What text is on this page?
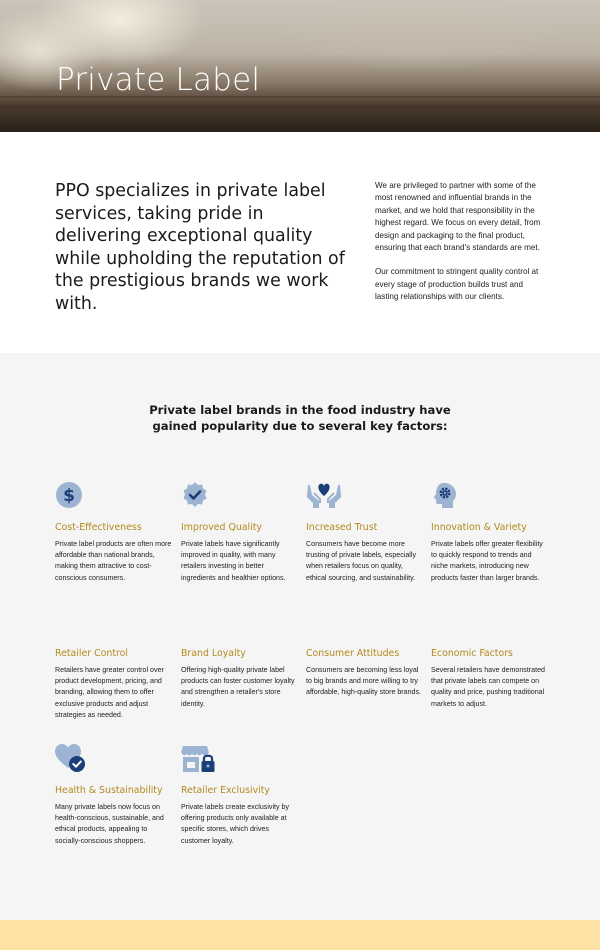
Private Label

PPO specializes in private label services, taking pride in delivering exceptional quality while upholding the reputation of the prestigious brands we work with.

We are privileged to partner with some of the most renowned and influential brands in the market, and we hold that responsibility in the highest regard. We focus on every detail, from design and packaging to the final product, ensuring that each brand's standards are met.

Our commitment to stringent quality control at every stage of production builds trust and lasting relationships with our clients.

Private label brands in the food industry have gained popularity due to several key factors:
$
Cost-Effectiveness
Private label products are often more affordable than national brands, making them attractive to cost-conscious consumers.
Improved Quality
Private labels have significantly improved in quality, with many retailers investing in better ingredients and healthier options.
Increased Trust
Consumers have become more trusting of private labels, especially when retailers focus on quality, ethical sourcing, and sustainability.
Innovation & Variety
Private labels offer greater flexibility to quickly respond to trends and niche markets, introducing new products faster than larger brands.
Retailer Control
Retailers have greater control over product development, pricing, and branding, allowing them to offer exclusive products and adjust strategies as needed.
Brand Loyalty
Offering high-quality private label products can foster customer loyalty and strengthen a retailer's store identity.
Consumer Attitudes
Consumers are becoming less loyal to big brands and more willing to try affordable, high-quality store brands.
Economic Factors
Several retailers have demonstrated that private labels can compete on quality and price, pushing traditional markets to adjust.
Health & Sustainability
Many private labels now focus on health-conscious, sustainable, and ethical products, appealing to socially-conscious shoppers.
Retailer Exclusivity
Private labels create exclusivity by offering products only available at specific stores, which drives customer loyalty.
